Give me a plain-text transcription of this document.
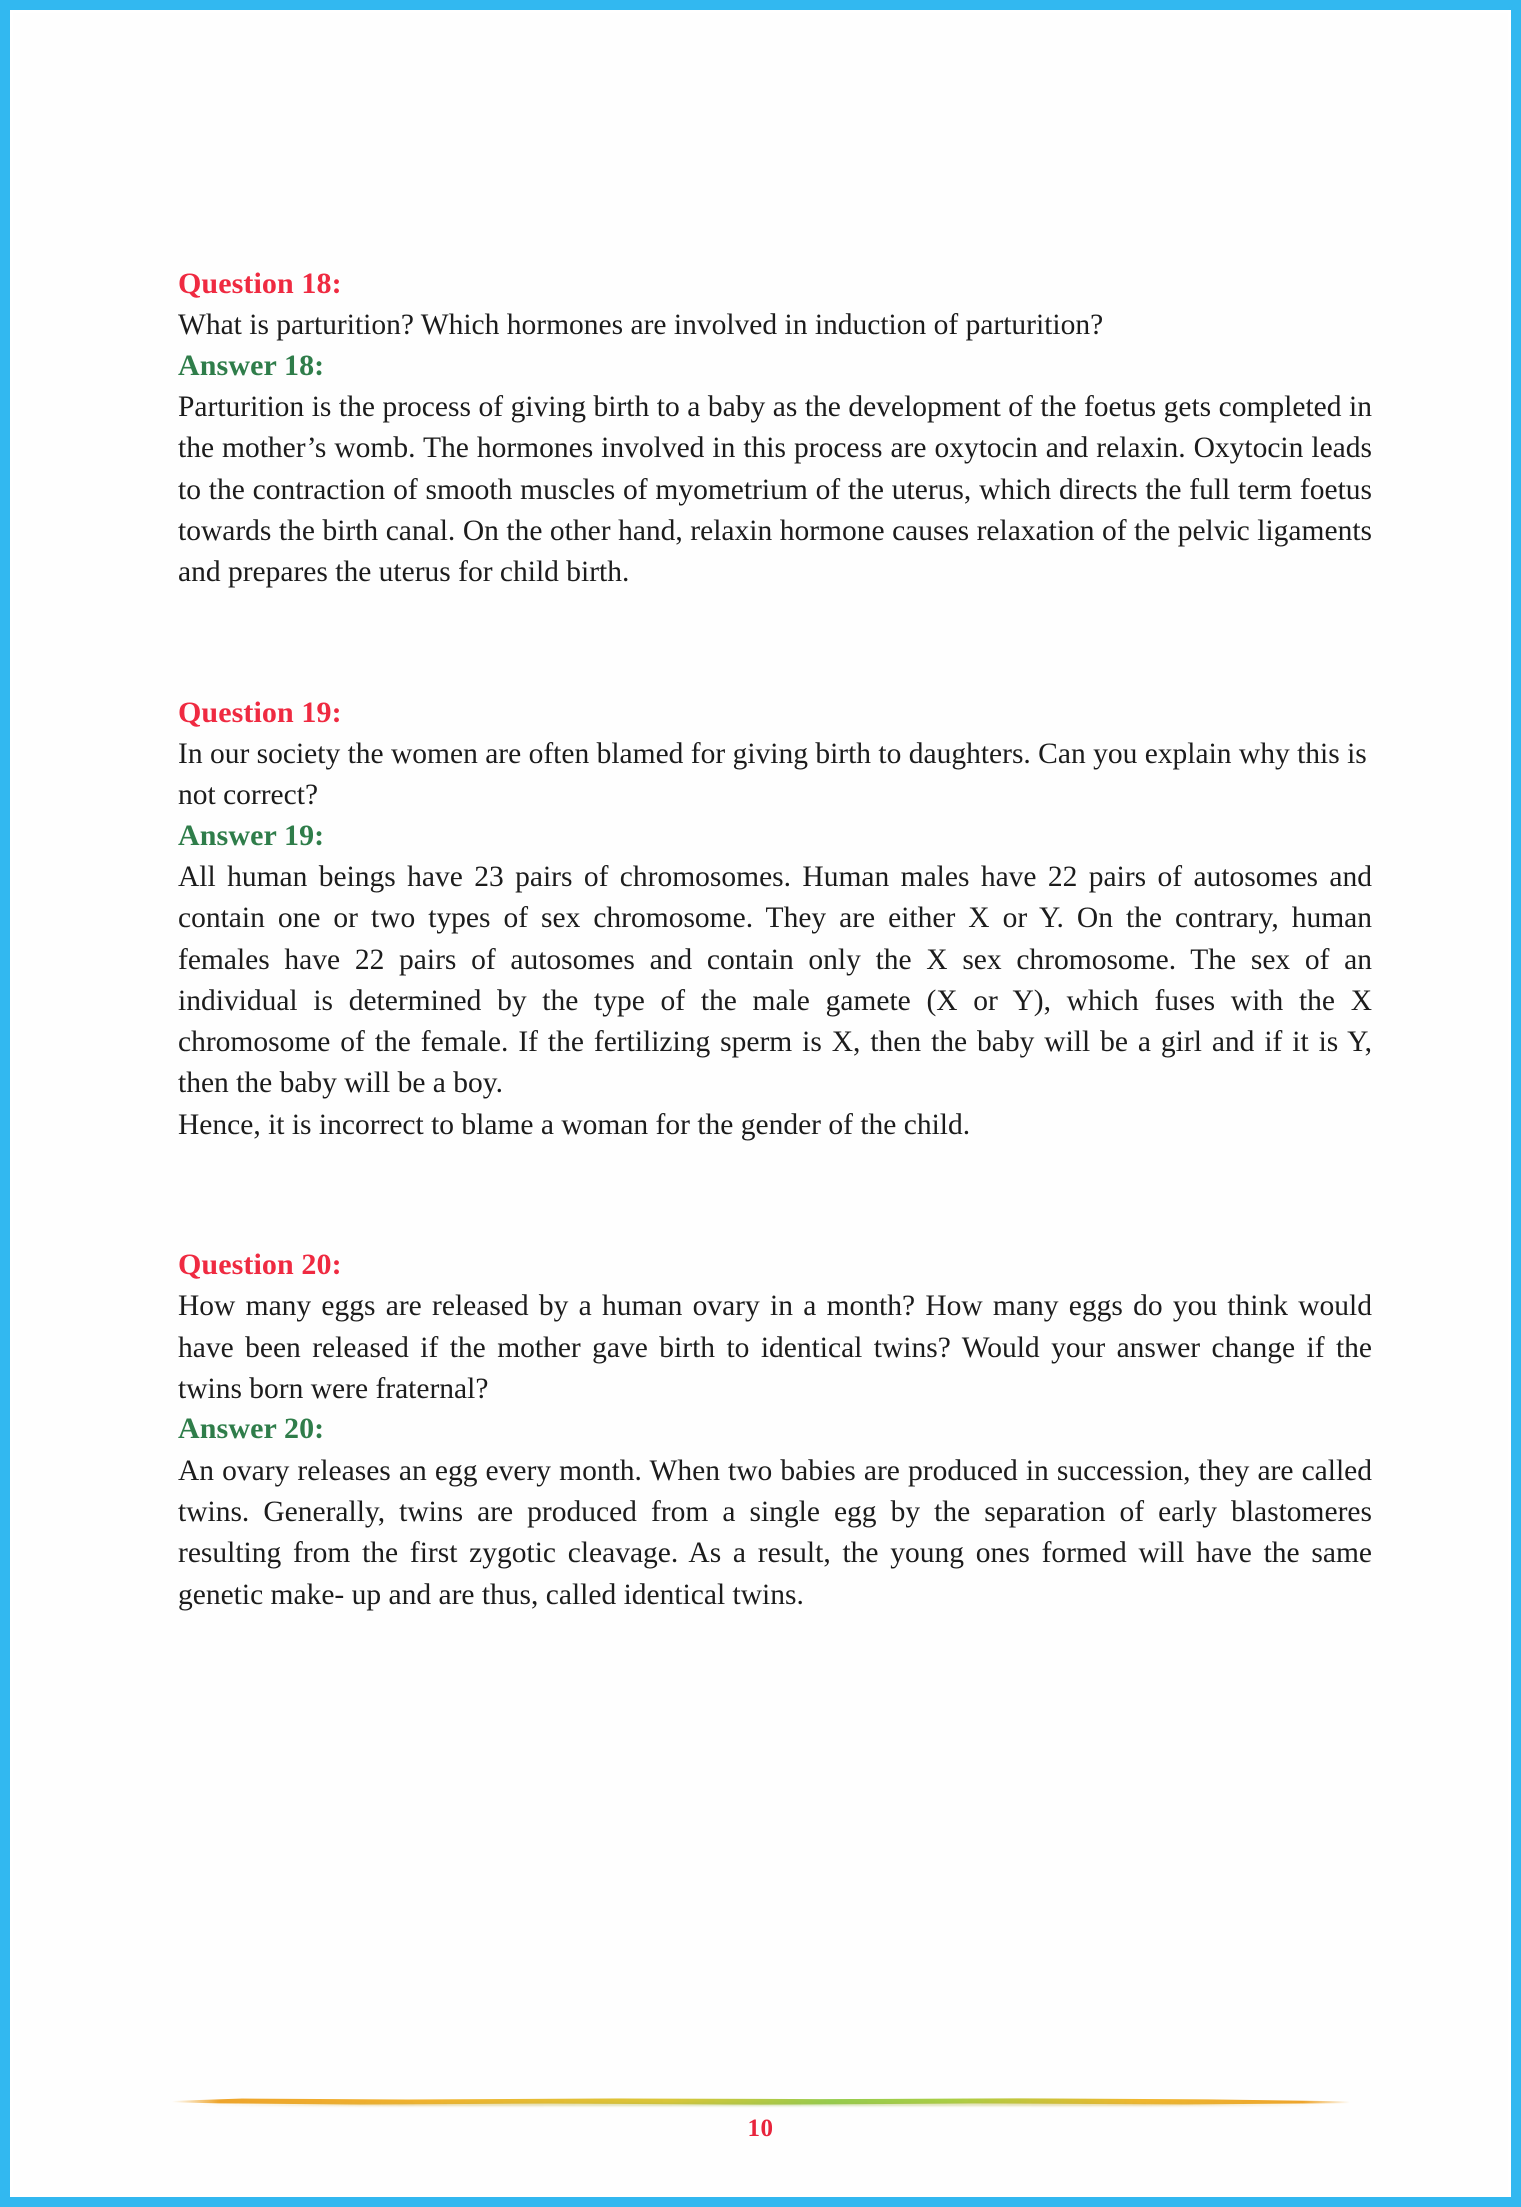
Question 18:

What is parturition? Which hormones are involved in induction of parturition?

Answer 18:

Parturition is the process of giving birth to a baby as the development of the foetus gets completed in the mother’s womb. The hormones involved in this process are oxytocin and relaxin. Oxytocin leads to the contraction of smooth muscles of myometrium of the uterus, which directs the full term foetus towards the birth canal. On the other hand, relaxin hormone causes relaxation of the pelvic ligaments and prepares the uterus for child birth.

Question 19:

In our society the women are often blamed for giving birth to daughters. Can you explain why this is not correct?

Answer 19:

All human beings have 23 pairs of chromosomes. Human males have 22 pairs of autosomes and contain one or two types of sex chromosome. They are either X or Y. On the contrary, human females have 22 pairs of autosomes and contain only the X sex chromosome. The sex of an individual is determined by the type of the male gamete (X or Y), which fuses with the X chromosome of the female. If the fertilizing sperm is X, then the baby will be a girl and if it is Y, then the baby will be a boy.

Hence, it is incorrect to blame a woman for the gender of the child.

Question 20:

How many eggs are released by a human ovary in a month? How many eggs do you think would have been released if the mother gave birth to identical twins? Would your answer change if the twins born were fraternal?

Answer 20:

An ovary releases an egg every month. When two babies are produced in succession, they are called twins. Generally, twins are produced from a single egg by the separation of early blastomeres resulting from the first zygotic cleavage. As a result, the young ones formed will have the same genetic make- up and are thus, called identical twins.

10
